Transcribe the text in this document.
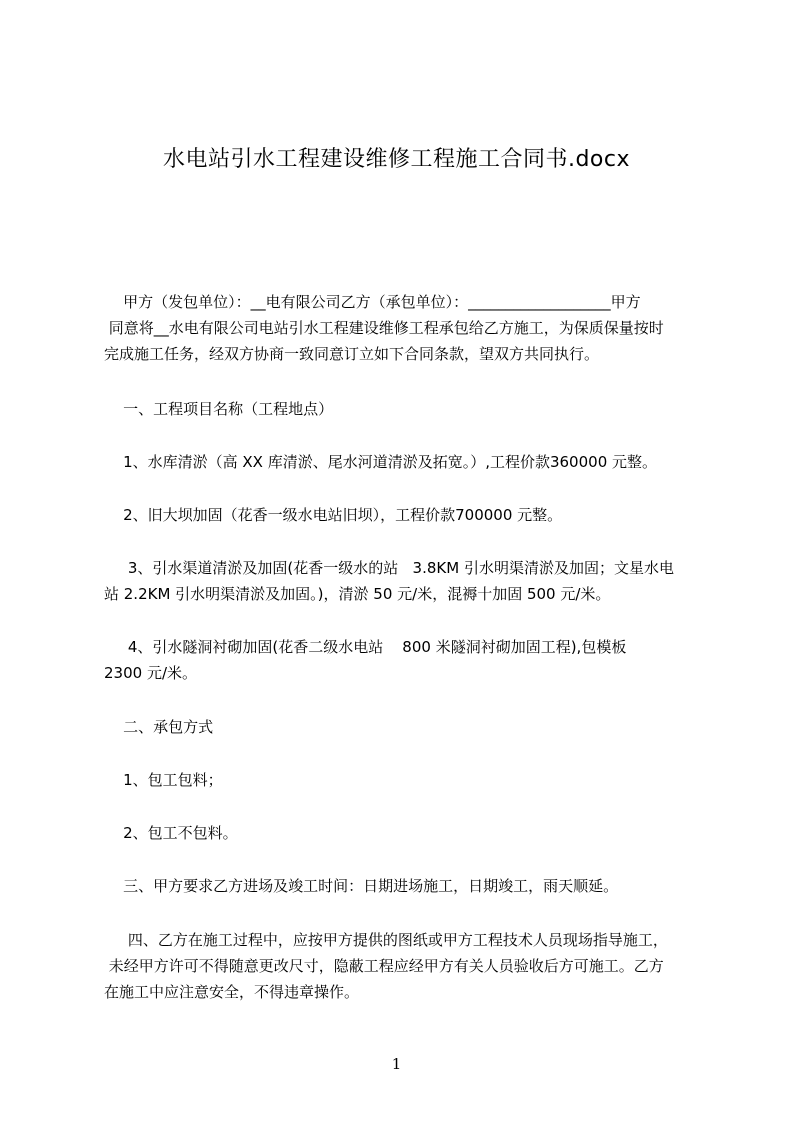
水电站引水工程建设维修工程施工合同书.docx
甲方（发包单位）：__电有限公司乙方（承包单位）：___________________甲方
同意将__水电有限公司电站引水工程建设维修工程承包给乙方施工，为保质保量按时
完成施工任务，经双方协商一致同意订立如下合同条款，望双方共同执行。
一、工程项目名称（工程地点）
1、水库清淤（高 XX 库清淤、尾水河道清淤及拓宽。）,工程价款360000 元整。
2、旧大坝加固（花香一级水电站旧坝），工程价款700000 元整。
3、引水渠道清淤及加固(花香一级水的站   3.8KM 引水明渠清淤及加固；文星水电
站 2.2KM 引水明渠清淤及加固。)，清淤 50 元/米，混褥十加固 500 元/米。
4、引水隧洞衬砌加固(花香二级水电站    800 米隧洞衬砌加固工程),包模板
2300 元/米。
二、承包方式
1、包工包料；
2、包工不包料。
三、甲方要求乙方进场及竣工时间：日期进场施工，日期竣工，雨天顺延。
四、乙方在施工过程中，应按甲方提供的图纸或甲方工程技术人员现场指导施工，
未经甲方许可不得随意更改尺寸，隐蔽工程应经甲方有关人员验收后方可施工。乙方
在施工中应注意安全，不得违章操作。
1
